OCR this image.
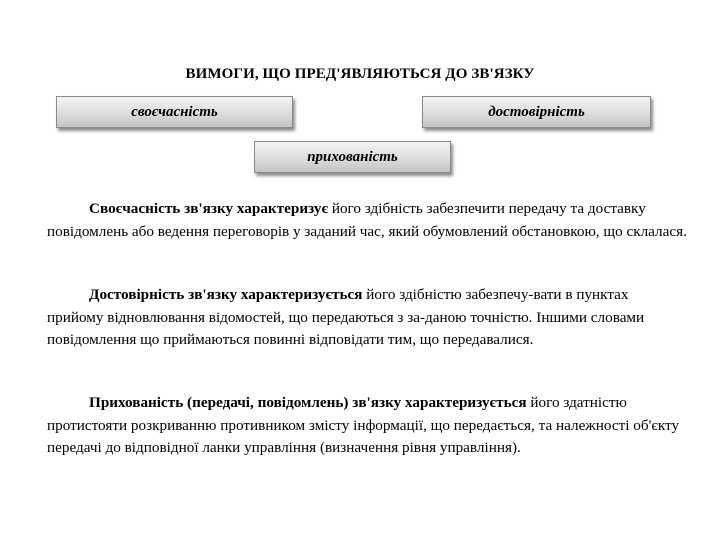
ВИМОГИ, ЩО ПРЕД'ЯВЛЯЮТЬСЯ ДО ЗВ'ЯЗКУ
своєчасність	достовірність
прихованість
Своєчасність зв'язку характеризує його здібність забезпечити передачу та доставку повідомлень або ведення переговорів у заданий час, який обумовлений обстановкою, що склалася.
Достовірність зв'язку характеризується його здібністю забезпечу-вати в пунктах прийому відновлювання відомостей, що передаються з за-даною точністю. Іншими словами повідомлення що приймаються повинні відповідати тим, що передавалися.
Прихованість (передачі, повідомлень) зв'язку характеризується його здатністю протистояти розкриванню противником змісту інформації, що передається, та належності об'єкту передачі до відповідної ланки управління (визначення рівня управління).
